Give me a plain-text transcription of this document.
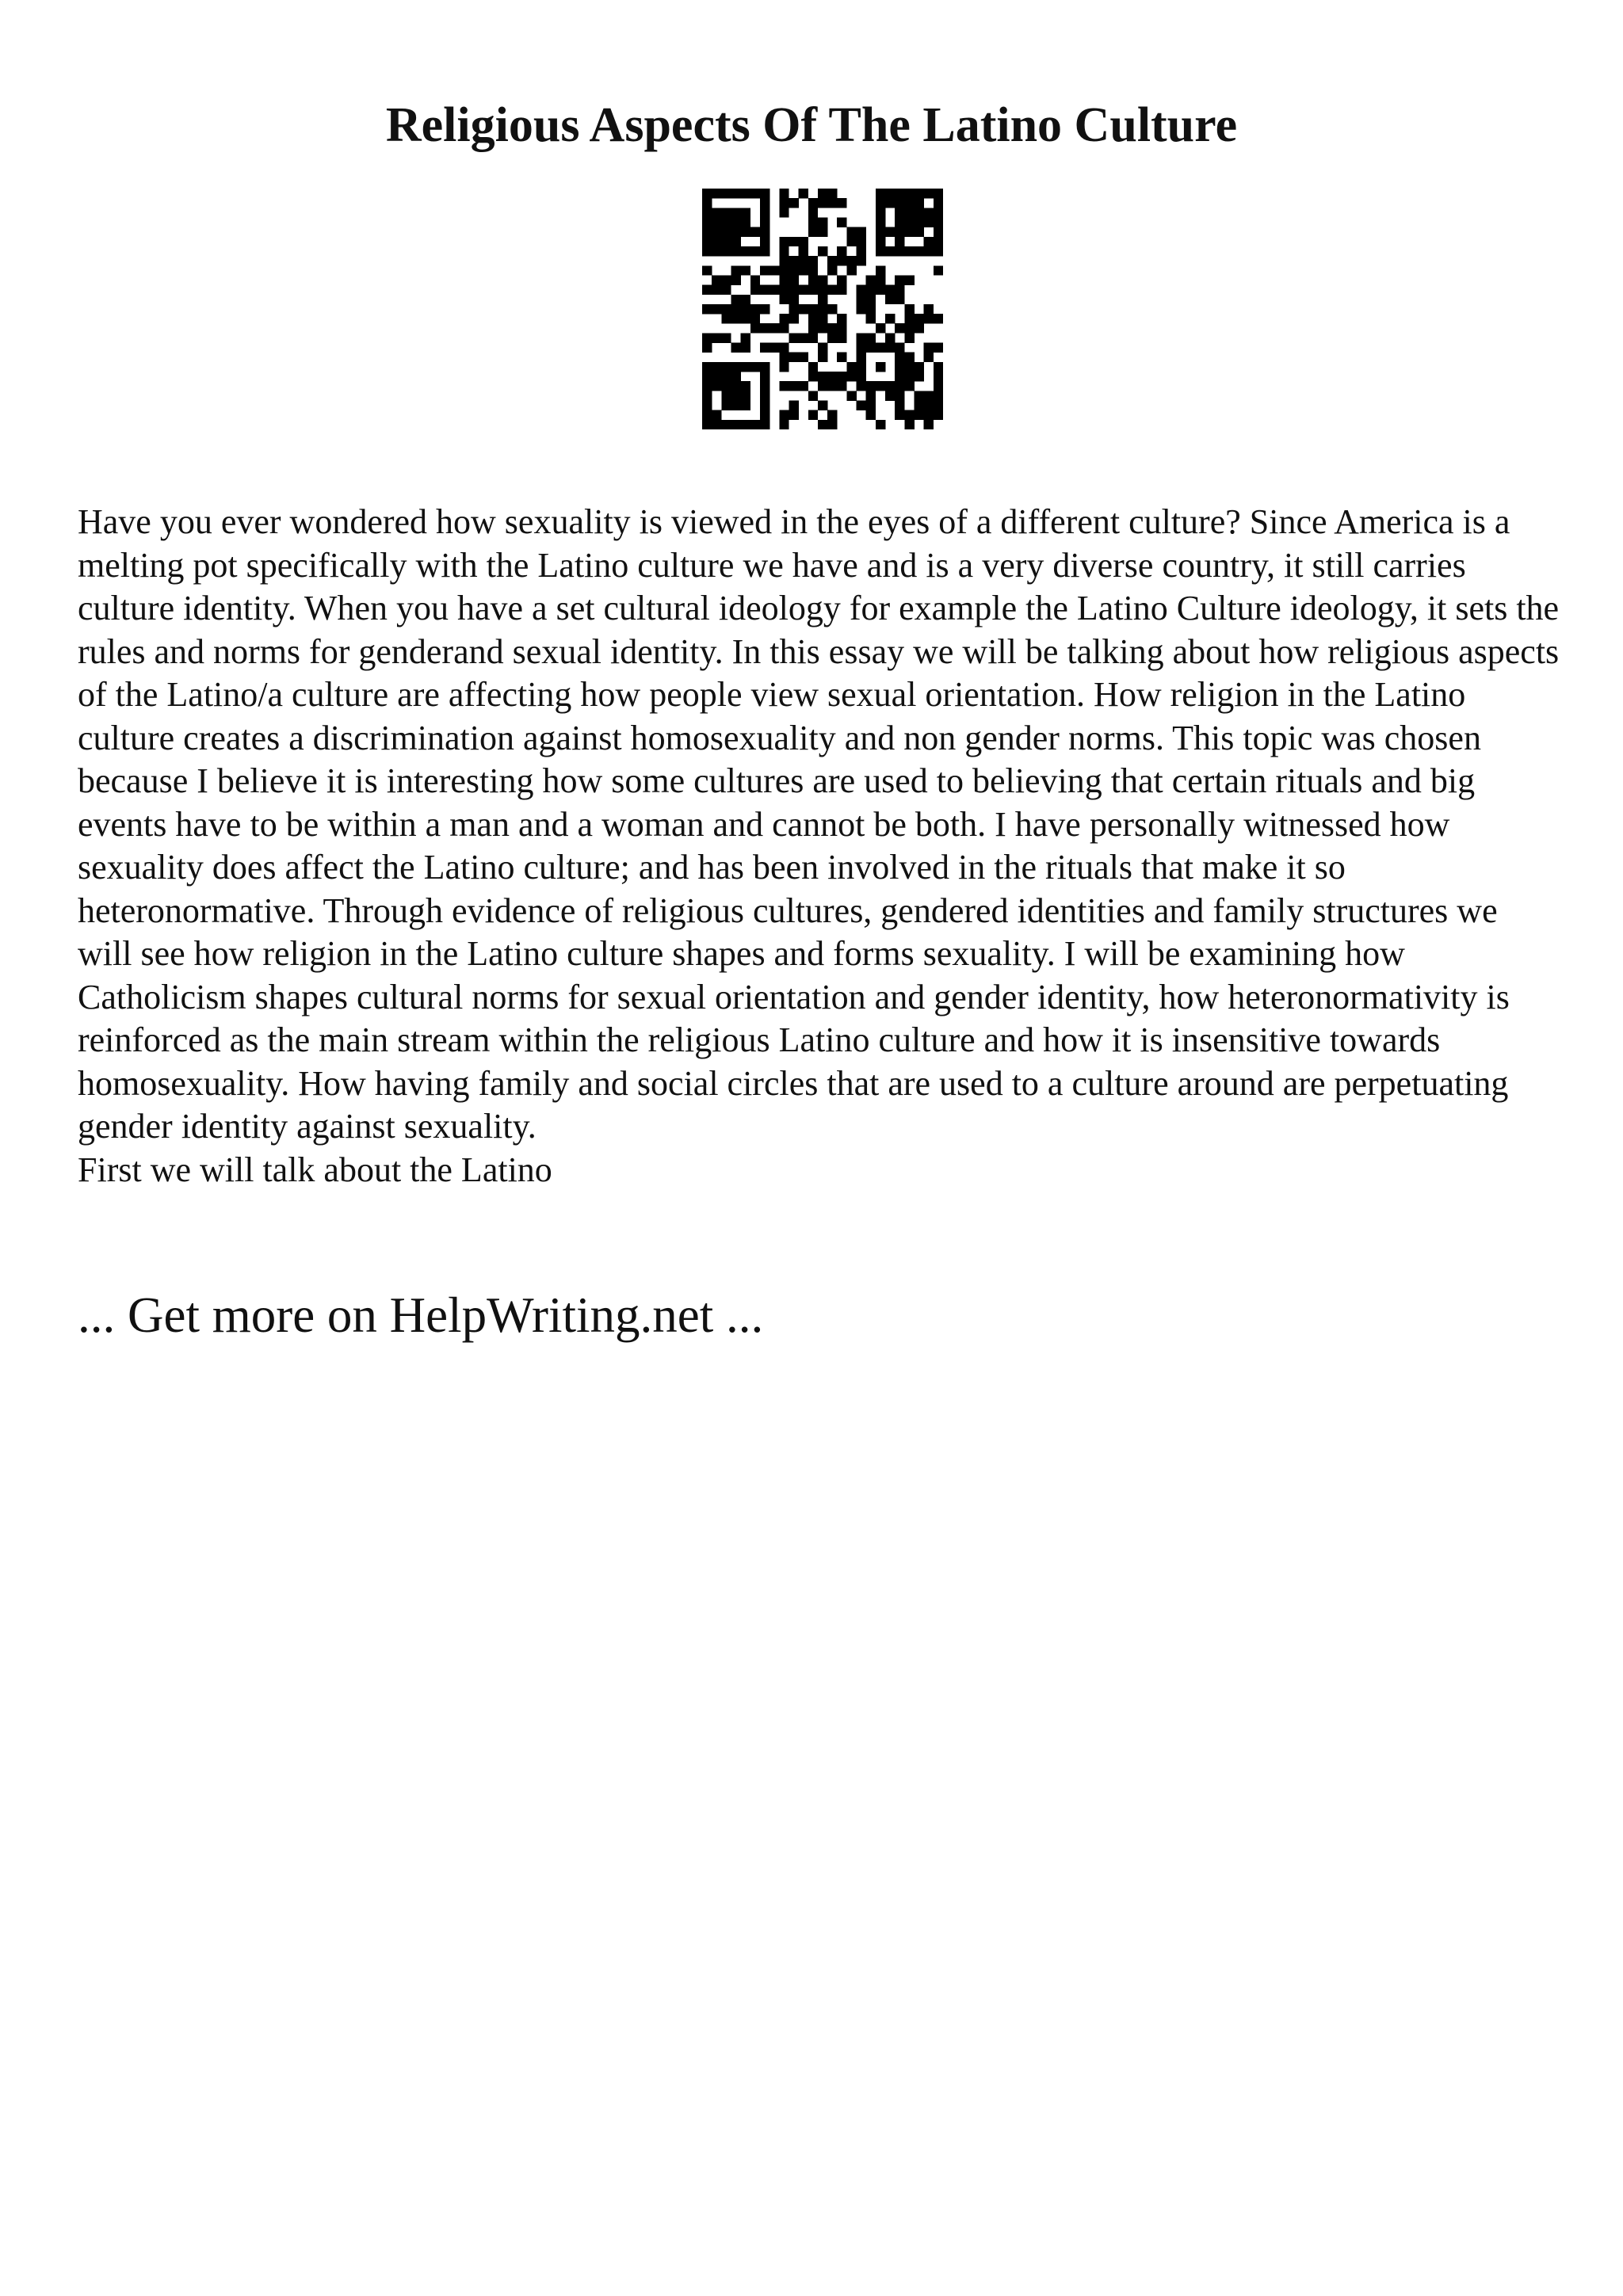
Religious Aspects Of The Latino Culture

Have you ever wondered how sexuality is viewed in the eyes of a different culture? Since America is a melting pot specifically with the Latino culture we have and is a very diverse country, it still carries culture identity. When you have a set cultural ideology for example the Latino Culture ideology, it sets the rules and norms for genderand sexual identity. In this essay we will be talking about how religious aspects of the Latino/a culture are affecting how people view sexual orientation. How religion in the Latino culture creates a discrimination against homosexuality and non gender norms. This topic was chosen because I believe it is interesting how some cultures are used to believing that certain rituals and big events have to be within a man and a woman and cannot be both. I have personally witnessed how sexuality does affect the Latino culture; and has been involved in the rituals that make it so heteronormative. Through evidence of religious cultures, gendered identities and family structures we will see how religion in the Latino culture shapes and forms sexuality. I will be examining how Catholicism shapes cultural norms for sexual orientation and gender identity, how heteronormativity is reinforced as the main stream within the religious Latino culture and how it is insensitive towards homosexuality. How having family and social circles that are used to a culture around are perpetuating gender identity against sexuality.

First we will talk about the Latino

... Get more on HelpWriting.net ...
